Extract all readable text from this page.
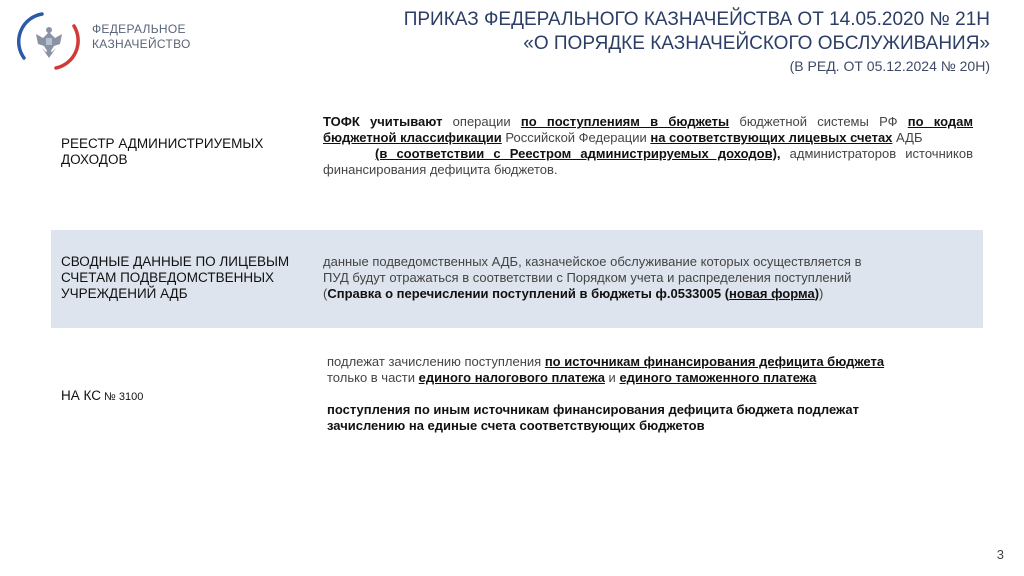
ФЕДЕРАЛЬНОЕ
КАЗНАЧЕЙСТВО
ПРИКАЗ ФЕДЕРАЛЬНОГО КАЗНАЧЕЙСТВА ОТ 14.05.2020 № 21Н
«О ПОРЯДКЕ КАЗНАЧЕЙСКОГО ОБСЛУЖИВАНИЯ»
(В РЕД. ОТ 05.12.2024 № 20Н)
РЕЕСТР АДМИНИСТРИУЕМЫХ
ДОХОДОВ
ТОФК учитывают операции по поступлениям в бюджеты бюджетной системы РФ по кодам бюджетной классификации Российской Федерации на соответствующих лицевых счетах АДБ
(в соответствии с Реестром администрируемых доходов), администраторов источников финансирования дефицита бюджетов.
СВОДНЫЕ ДАННЫЕ ПО ЛИЦЕВЫМ
СЧЕТАМ ПОДВЕДОМСТВЕННЫХ
УЧРЕЖДЕНИЙ АДБ
данные подведомственных АДБ, казначейское обслуживание которых осуществляется в
ПУД будут отражаться в соответствии с Порядком учета и распределения поступлений
(Справка о перечислении поступлений в бюджеты ф.0533005 (новая форма))
НА КС № 3100
подлежат зачислению поступления по источникам финансирования дефицита бюджета
только в части единого налогового платежа и единого таможенного платежа
поступления по иным источникам финансирования дефицита бюджета подлежат
зачислению на единые счета соответствующих бюджетов
3
